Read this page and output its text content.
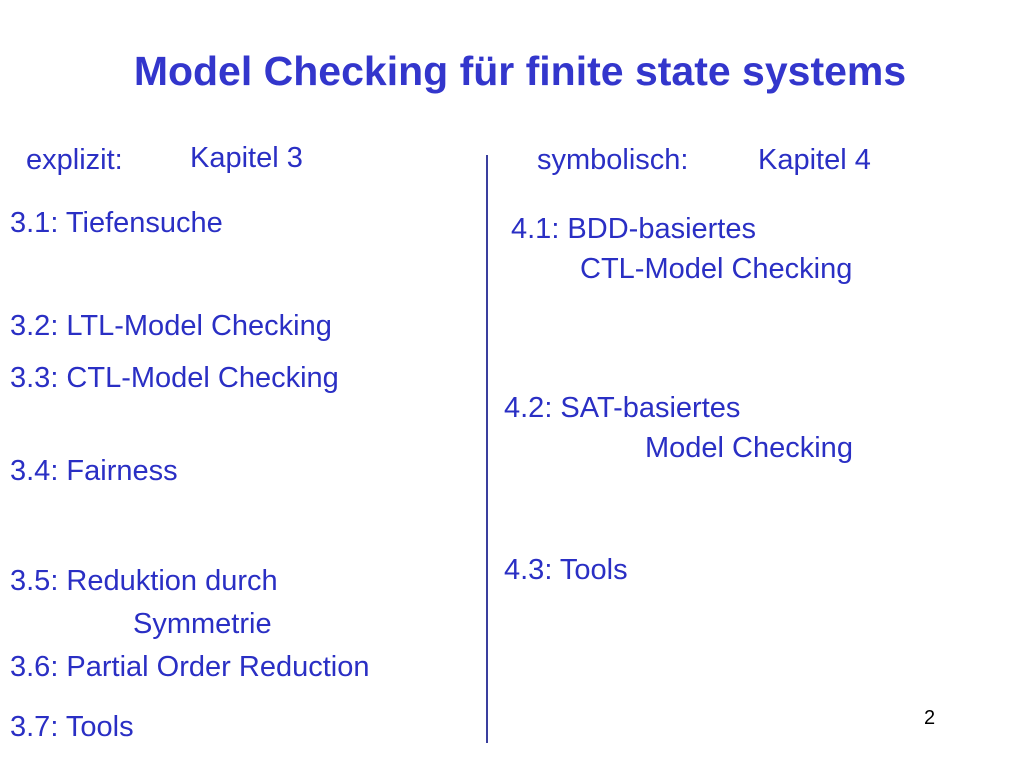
Model Checking für finite state systems
explizit: Kapitel 3
3.1: Tiefensuche
3.2: LTL-Model Checking
3.3: CTL-Model Checking
3.4: Fairness
3.5: Reduktion durch
Symmetrie
3.6: Partial Order Reduction
3.7: Tools
symbolisch: Kapitel 4
4.1: BDD-basiertes
CTL-Model Checking
4.2: SAT-basiertes
Model Checking
4.3: Tools
2
